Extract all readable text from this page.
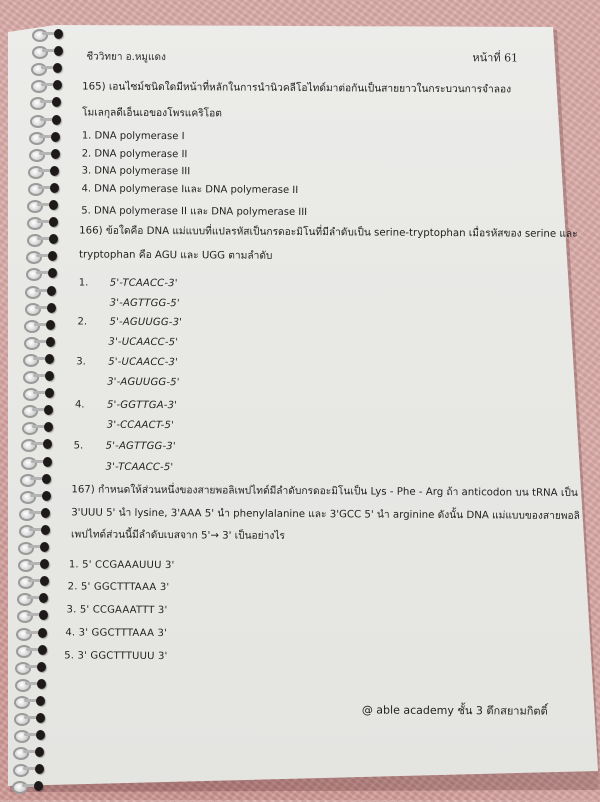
ชีววิทยา อ.หมูแดง	หน้าที่ 61
165) เอนไซม์ชนิดใดมีหน้าที่หลักในการนำนิวคลีโอไทด์มาต่อกันเป็นสายยาวในกระบวนการจำลอง
โมเลกุลดีเอ็นเอของโพรแคริโอต
1. DNA polymerase I
2. DNA polymerase II
3. DNA polymerase III
4. DNA polymerase Iและ DNA polymerase II
5. DNA polymerase II และ DNA polymerase III
166) ข้อใดคือ DNA แม่แบบที่แปลรหัสเป็นกรดอะมิโนที่มีลำดับเป็น serine-tryptophan เมื่อรหัสของ serine และ
tryptophan คือ AGU และ UGG ตามลำดับ
1. 5'-TCAACC-3'
3'-AGTTGG-5'
2. 5'-AGUUGG-3'
3'-UCAACC-5'
3. 5'-UCAACC-3'
3'-AGUUGG-5'
4. 5'-GGTTGA-3'
3'-CCAACT-5'
5. 5'-AGTTGG-3'
3'-TCAACC-5'
167) กำหนดให้ส่วนหนึ่งของสายพอลิเพปไทด์มีลำดับกรดอะมิโนเป็น Lys - Phe - Arg ถ้า anticodon บน tRNA เป็น
3'UUU 5' นำ lysine, 3'AAA 5' นำ phenylalanine และ 3'GCC 5' นำ arginine ดังนั้น DNA แม่แบบของสายพอลิ
เพปไทด์ส่วนนี้มีลำดับเบสจาก 5'→ 3' เป็นอย่างไร
1. 5' CCGAAAUUU 3'
2. 5' GGCTTTAAA 3'
3. 5' CCGAAATTT 3'
4. 3' GGCTTTAAA 3'
5. 3' GGCTTTUUU 3'
@ able academy ชั้น 3 ตึกสยามกิตติ์
